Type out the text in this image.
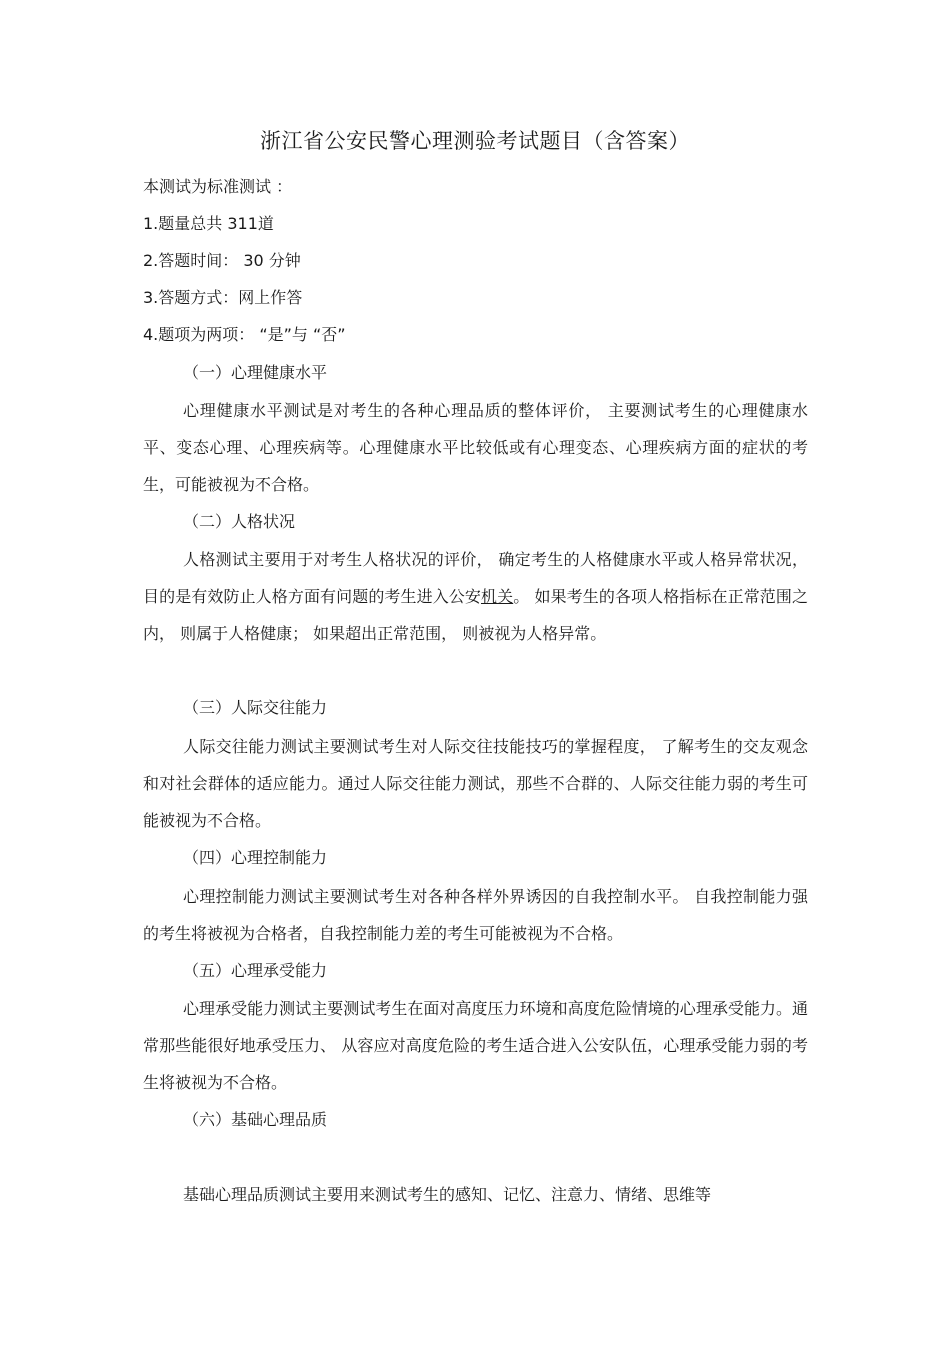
浙江省公安民警心理测验考试题目（含答案）
本测试为标准测试 ：
1.题量总共 311道
2.答题时间： 30 分钟
3.答题方式：网上作答
4.题项为两项： “是”与 “否”
（一）心理健康水平

心理健康水平测试是对考生的各种心理品质的整体评价， 主要测试考生的心理健康水平、变态心理、心理疾病等。心理健康水平比较低或有心理变态、心理疾病方面的症状的考生，可能被视为不合格。

（二）人格状况

人格测试主要用于对考生人格状况的评价， 确定考生的人格健康水平或人格异常状况， 目的是有效防止人格方面有问题的考生进入公安机关。 如果考生的各项人格指标在正常范围之内， 则属于人格健康； 如果超出正常范围， 则被视为人格异常。

（三）人际交往能力

人际交往能力测试主要测试考生对人际交往技能技巧的掌握程度， 了解考生的交友观念和对社会群体的适应能力。通过人际交往能力测试，那些不合群的、人际交往能力弱的考生可能被视为不合格。

（四）心理控制能力

心理控制能力测试主要测试考生对各种各样外界诱因的自我控制水平。 自我控制能力强的考生将被视为合格者，自我控制能力差的考生可能被视为不合格。

（五）心理承受能力

心理承受能力测试主要测试考生在面对高度压力环境和高度危险情境的心理承受能力。通常那些能很好地承受压力、 从容应对高度危险的考生适合进入公安队伍，心理承受能力弱的考生将被视为不合格。

（六）基础心理品质

基础心理品质测试主要用来测试考生的感知、记忆、注意力、情绪、思维等
